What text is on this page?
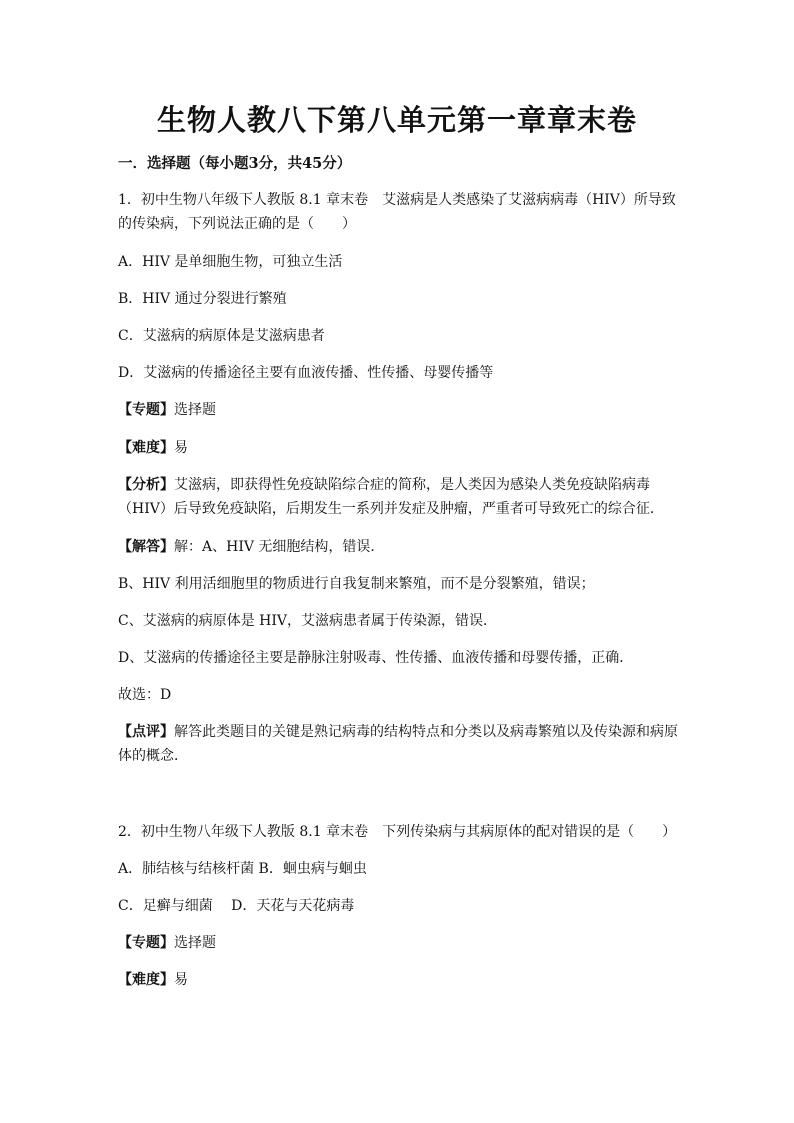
生物人教八下第八单元第一章章末卷
一．选择题（每小题3分，共45分）
1．初中生物八年级下人教版 8.1 章末卷　艾滋病是人类感染了艾滋病病毒（HIV）所导致
的传染病，下列说法正确的是（　　）
A．HIV 是单细胞生物，可独立生活
B．HIV 通过分裂进行繁殖
C．艾滋病的病原体是艾滋病患者
D．艾滋病的传播途径主要有血液传播、性传播、母婴传播等
【专题】选择题
【难度】易
【分析】艾滋病，即获得性免疫缺陷综合症的简称，是人类因为感染人类免疫缺陷病毒
（HIV）后导致免疫缺陷，后期发生一系列并发症及肿瘤，严重者可导致死亡的综合征．
【解答】解：A、HIV 无细胞结构，错误．
B、HIV 利用活细胞里的物质进行自我复制来繁殖，而不是分裂繁殖，错误；
C、艾滋病的病原体是 HIV，艾滋病患者属于传染源，错误．
D、艾滋病的传播途径主要是静脉注射吸毒、性传播、血液传播和母婴传播，正确．
故选：D
【点评】解答此类题目的关键是熟记病毒的结构特点和分类以及病毒繁殖以及传染源和病原
体的概念．
2．初中生物八年级下人教版 8.1 章末卷　下列传染病与其病原体的配对错误的是（　　）
A．肺结核与结核杆菌 B．蛔虫病与蛔虫
C．足癣与细菌　 D．天花与天花病毒
【专题】选择题
【难度】易
